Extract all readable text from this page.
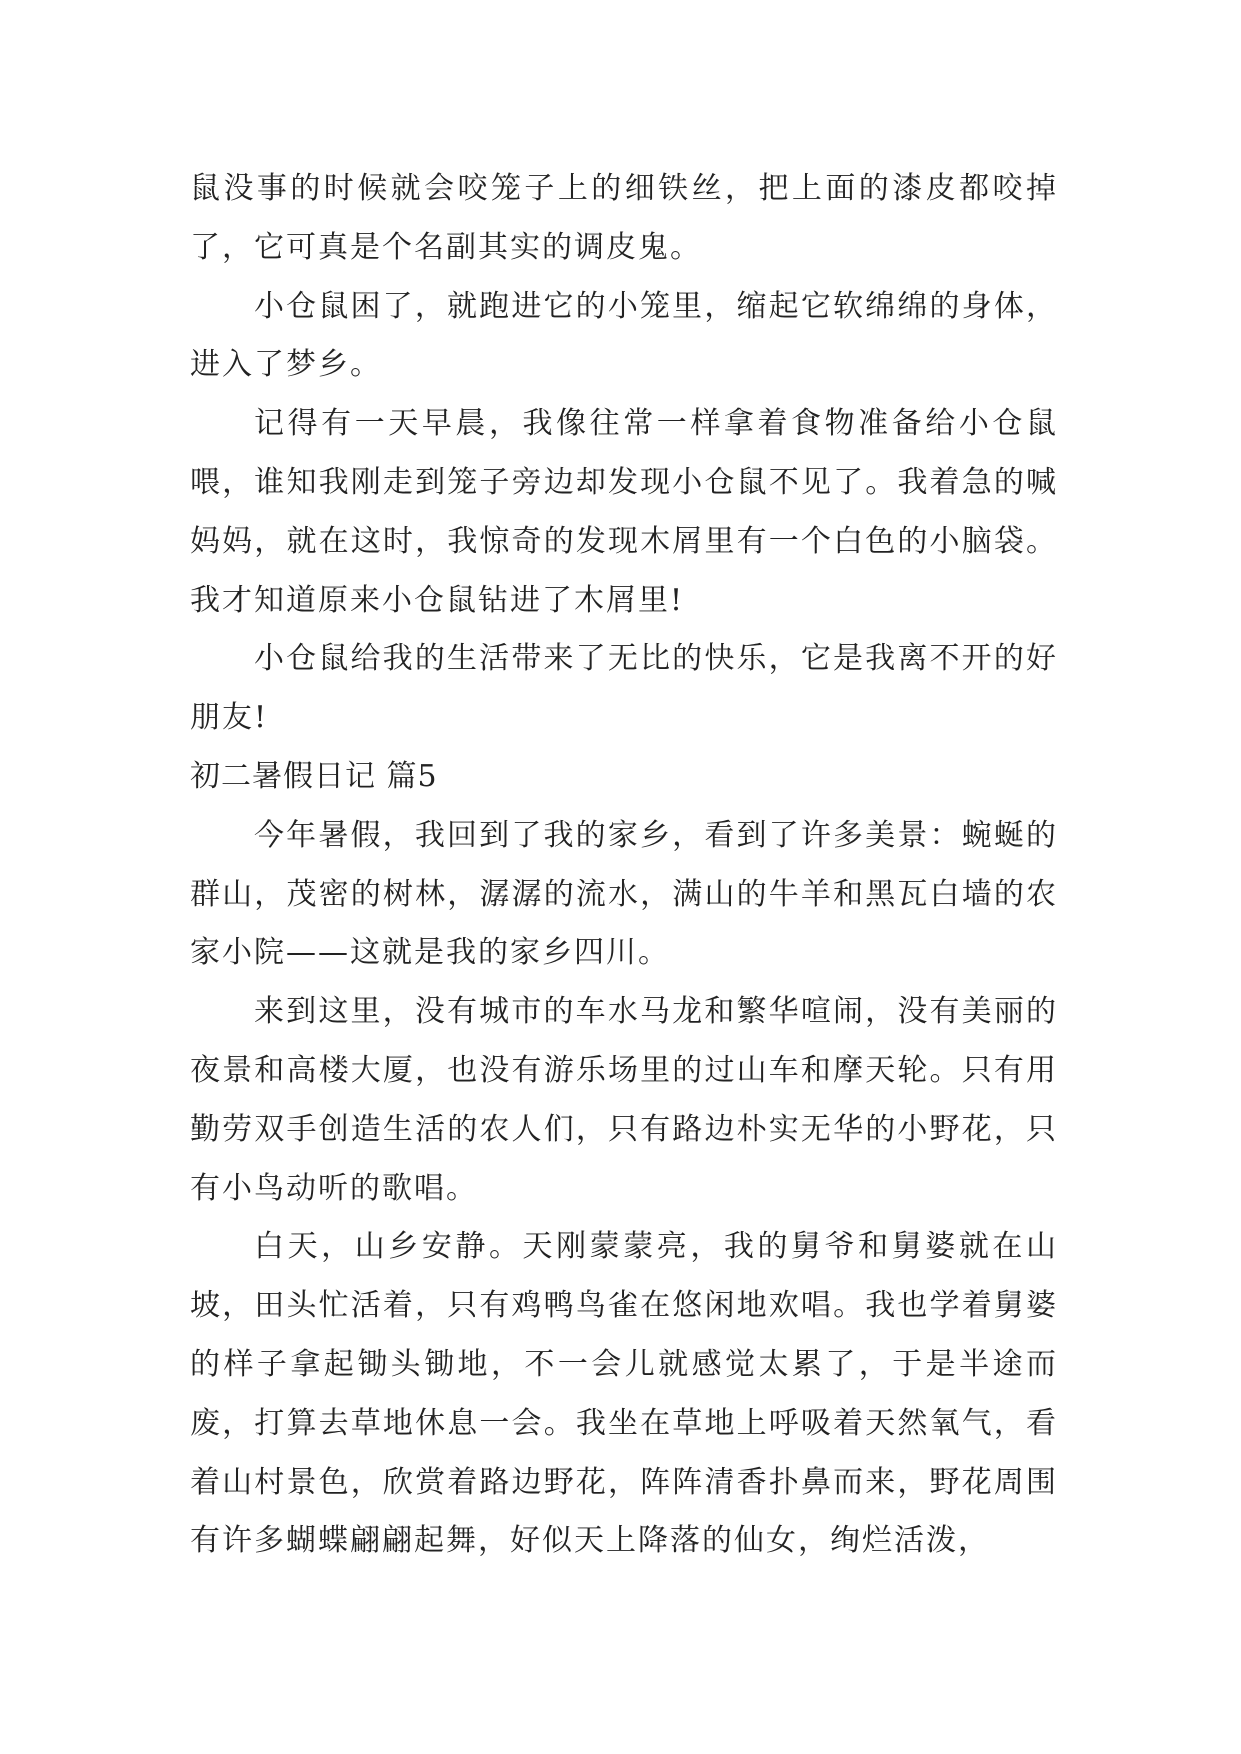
鼠没事的时候就会咬笼子上的细铁丝，把上面的漆皮都咬掉了，它可真是个名副其实的调皮鬼。

小仓鼠困了，就跑进它的小笼里，缩起它软绵绵的身体，进入了梦乡。

记得有一天早晨，我像往常一样拿着食物准备给小仓鼠喂，谁知我刚走到笼子旁边却发现小仓鼠不见了。我着急的喊妈妈，就在这时，我惊奇的发现木屑里有一个白色的小脑袋。我才知道原来小仓鼠钻进了木屑里!

小仓鼠给我的生活带来了无比的快乐，它是我离不开的好朋友!

初二暑假日记 篇5

今年暑假，我回到了我的家乡，看到了许多美景：蜿蜒的群山，茂密的树林，潺潺的流水，满山的牛羊和黑瓦白墙的农家小院——这就是我的家乡四川。

来到这里，没有城市的车水马龙和繁华喧闹，没有美丽的夜景和高楼大厦，也没有游乐场里的过山车和摩天轮。只有用勤劳双手创造生活的农人们，只有路边朴实无华的小野花，只有小鸟动听的歌唱。

白天，山乡安静。天刚蒙蒙亮，我的舅爷和舅婆就在山坡，田头忙活着，只有鸡鸭鸟雀在悠闲地欢唱。我也学着舅婆的样子拿起锄头锄地，不一会儿就感觉太累了，于是半途而废，打算去草地休息一会。我坐在草地上呼吸着天然氧气，看着山村景色，欣赏着路边野花，阵阵清香扑鼻而来，野花周围有许多蝴蝶翩翩起舞，好似天上降落的仙女，绚烂活泼，
